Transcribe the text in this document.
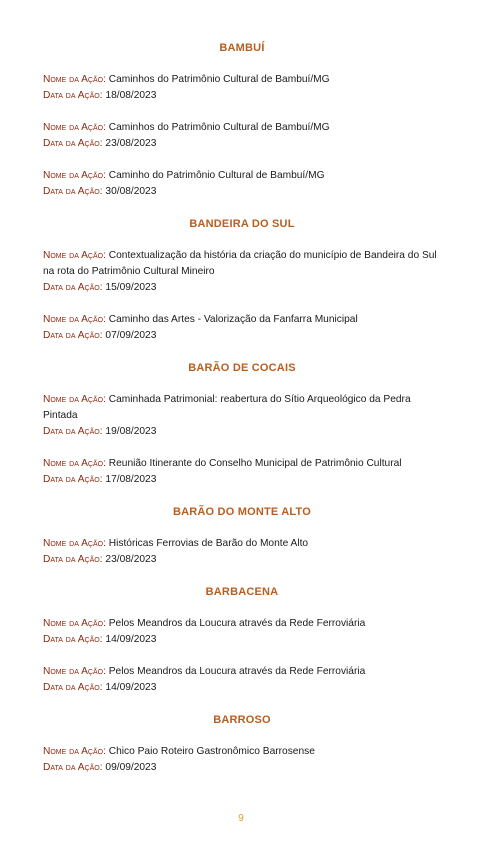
BAMBUÍ
Nome da Ação: Caminhos do Patrimônio Cultural de Bambuí/MG
Data da Ação: 18/08/2023
Nome da Ação: Caminhos do Patrimônio Cultural de Bambuí/MG
Data da Ação: 23/08/2023
Nome da Ação: Caminho do Patrimônio Cultural de Bambuí/MG
Data da Ação: 30/08/2023
BANDEIRA DO SUL
Nome da Ação: Contextualização da história da criação do município de Bandeira do Sul na rota do Patrimônio Cultural Mineiro
Data da Ação: 15/09/2023
Nome da Ação: Caminho das Artes - Valorização da Fanfarra Municipal
Data da Ação: 07/09/2023
BARÃO DE COCAIS
Nome da Ação: Caminhada Patrimonial: reabertura do Sítio Arqueológico da Pedra Pintada
Data da Ação: 19/08/2023
Nome da Ação: Reunião Itinerante do Conselho Municipal de Patrimônio Cultural
Data da Ação: 17/08/2023
BARÃO DO MONTE ALTO
Nome da Ação: Históricas Ferrovias de Barão do Monte Alto
Data da Ação: 23/08/2023
BARBACENA
Nome da Ação: Pelos Meandros da Loucura através da Rede Ferroviária
Data da Ação: 14/09/2023
Nome da Ação: Pelos Meandros da Loucura através da Rede Ferroviária
Data da Ação: 14/09/2023
BARROSO
Nome da Ação: Chico Paio Roteiro Gastronômico Barrosense
Data da Ação: 09/09/2023
9
